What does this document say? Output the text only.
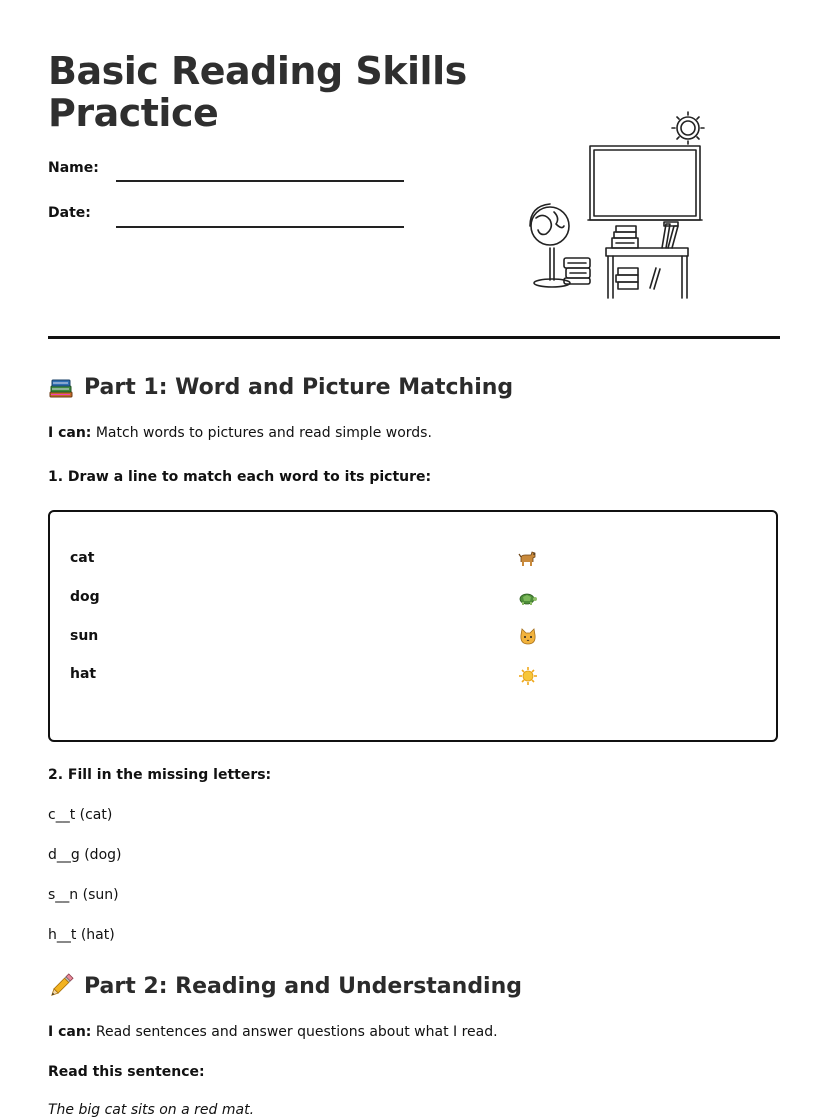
Basic Reading Skills
Practice
Name:
Date:
Part 1: Word and Picture Matching
I can: Match words to pictures and read simple words.
1. Draw a line to match each word to its picture:
cat
dog
sun
hat
2. Fill in the missing letters:
c__t (cat)
d__g (dog)
s__n (sun)
h__t (hat)
Part 2: Reading and Understanding
I can: Read sentences and answer questions about what I read.
Read this sentence:
The big cat sits on a red mat.
